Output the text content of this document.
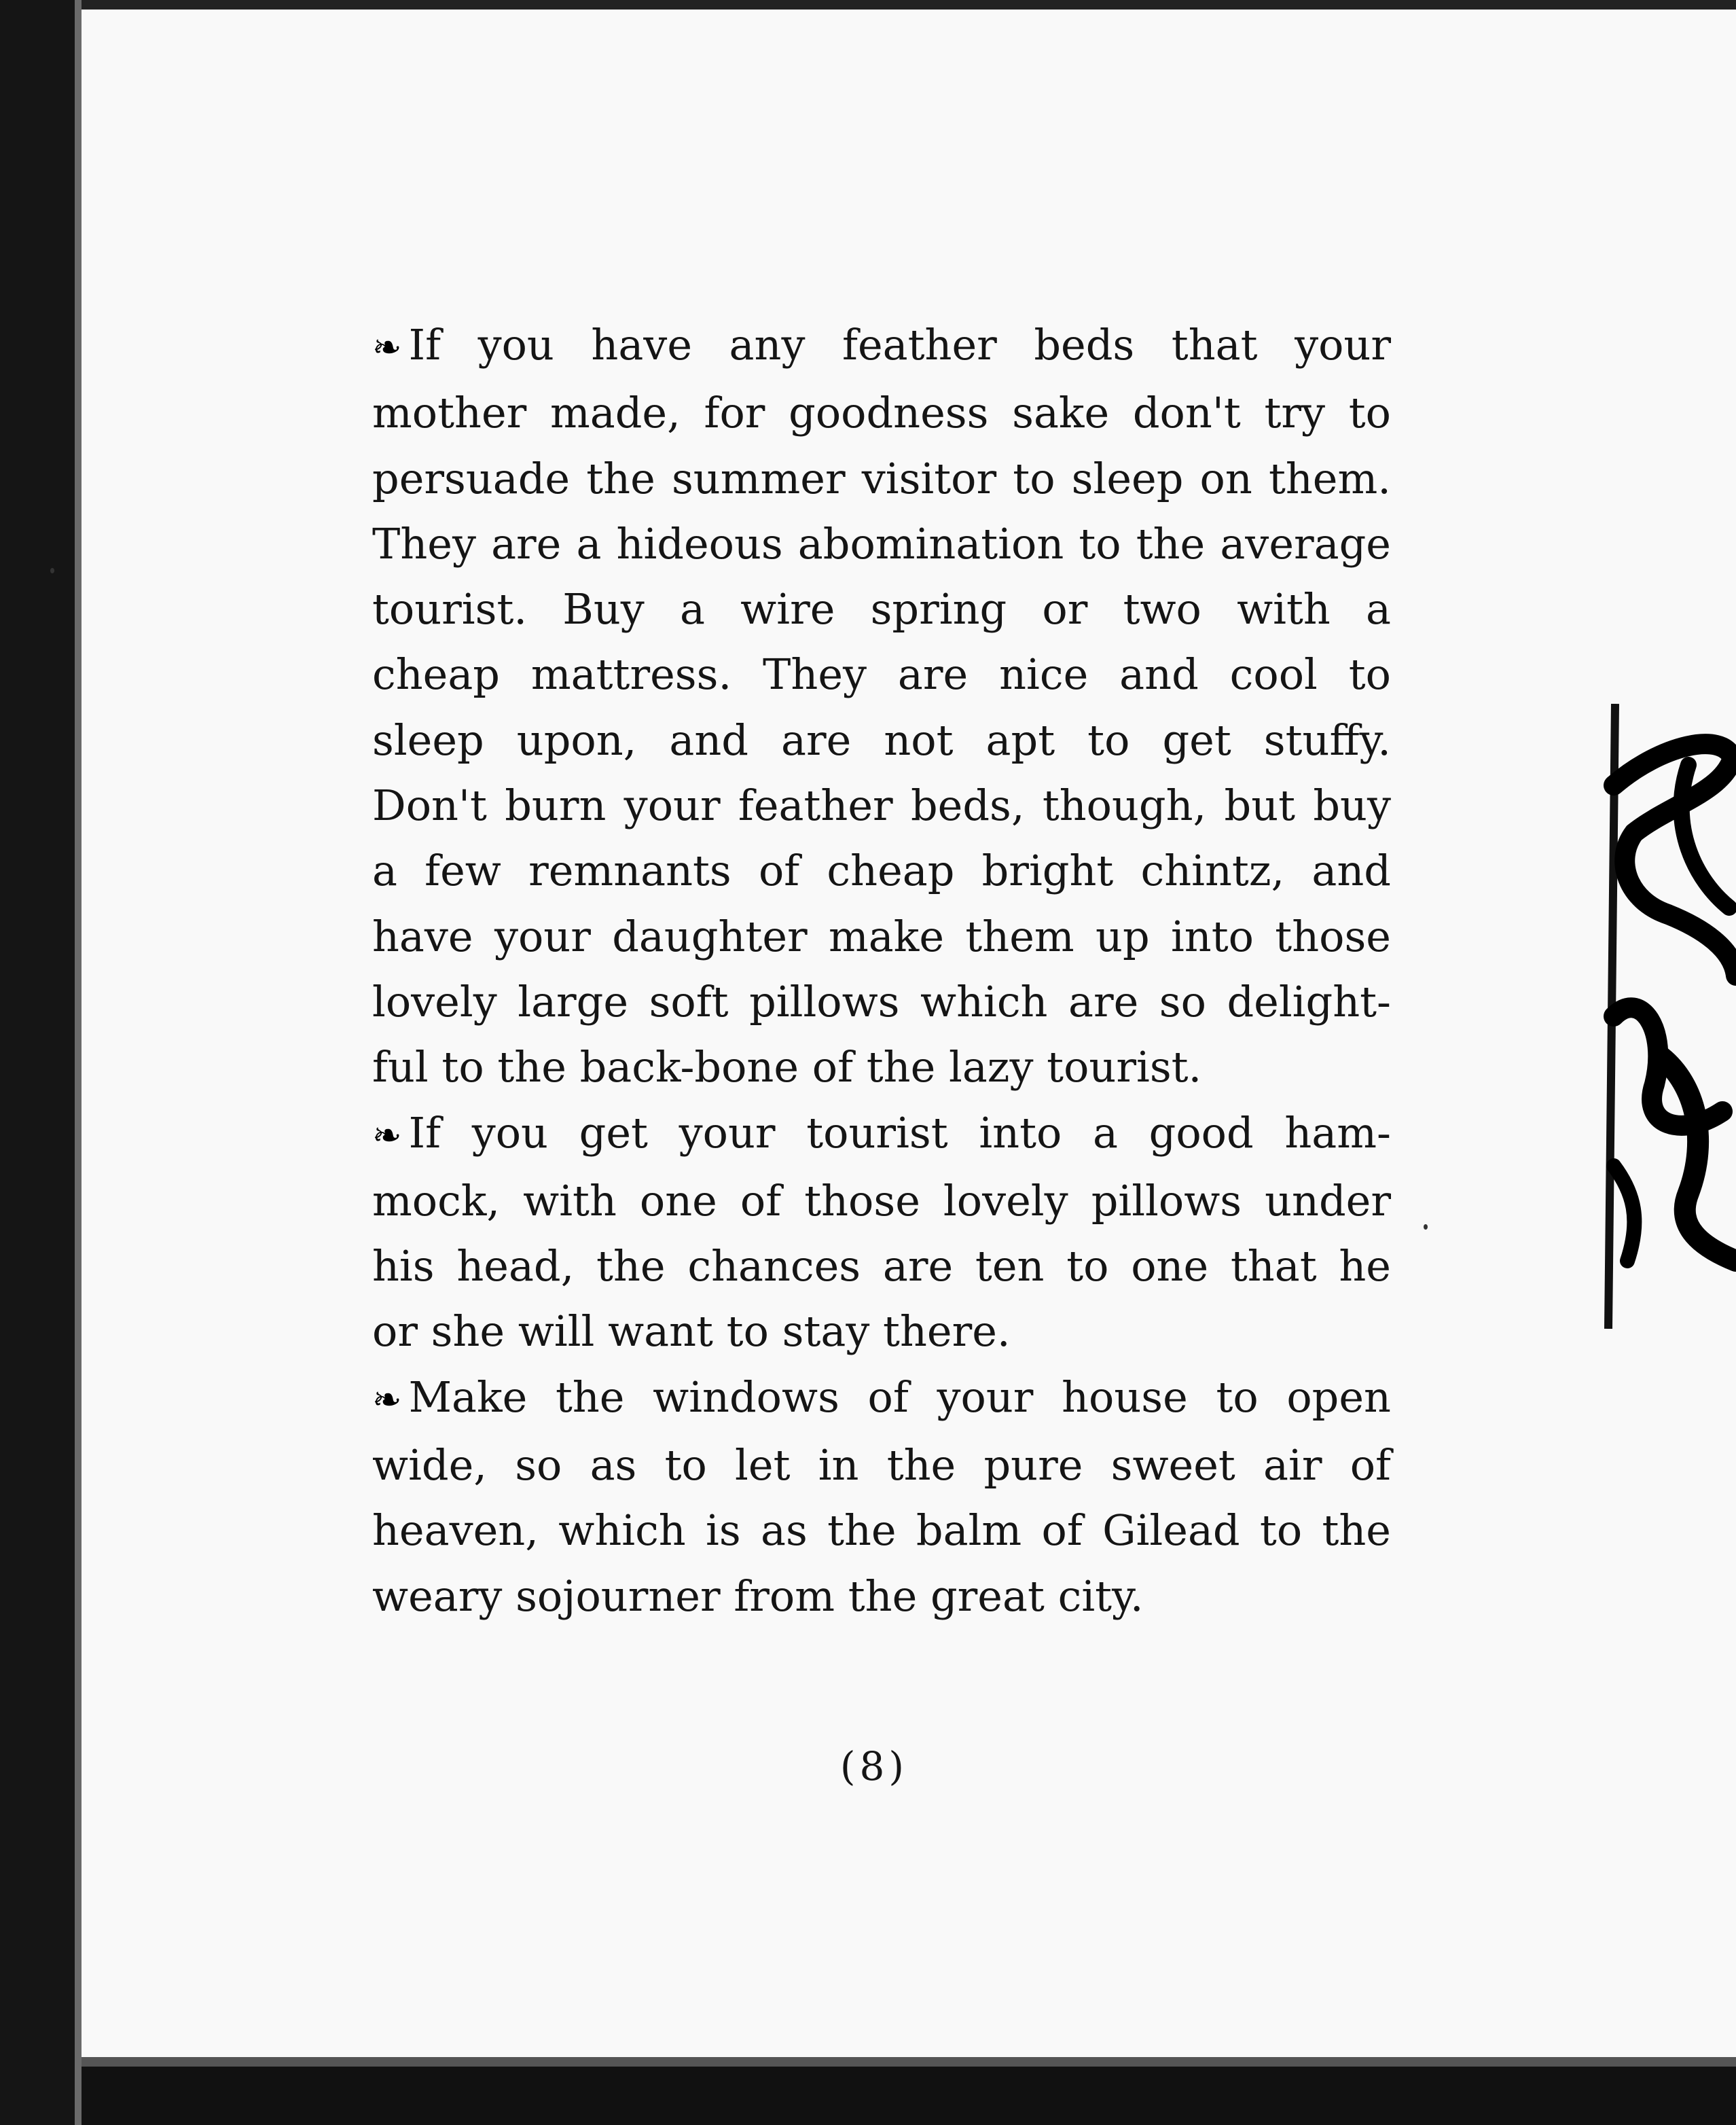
❧ If you have any feather beds that your
mother made, for goodness sake don't try to
persuade the summer visitor to sleep on them.
They are a hideous abomination to the average
tourist. Buy a wire spring or two with a
cheap mattress. They are nice and cool to
sleep upon, and are not apt to get stuffy.
Don't burn your feather beds, though, but buy
a few remnants of cheap bright chintz, and
have your daughter make them up into those
lovely large soft pillows which are so delight-
ful to the back-bone of the lazy tourist.

❧ If you get your tourist into a good ham-
mock, with one of those lovely pillows under
his head, the chances are ten to one that he
or she will want to stay there.

❧ Make the windows of your house to open
wide, so as to let in the pure sweet air of
heaven, which is as the balm of Gilead to the
weary sojourner from the great city.

(8)
